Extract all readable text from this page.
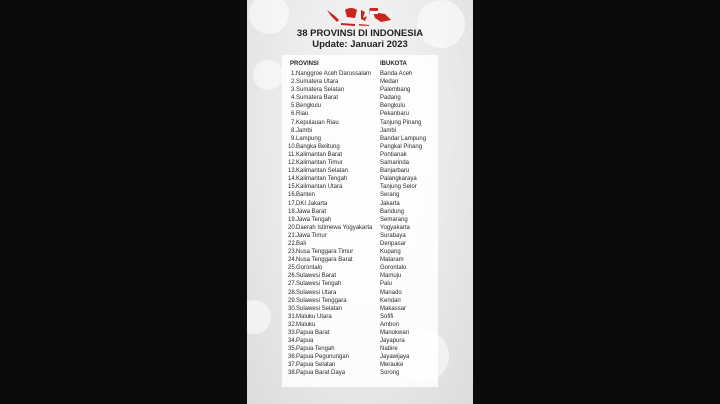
38 PROVINSI DI INDONESIA
Update: Januari 2023
PROVINSI	IBUKOTA
1. Nanggroe Aceh Darussalam	Banda Aceh
2. Sumatera Utara	Medan
3. Sumatera Selatan	Palembang
4. Sumatera Barat	Padang
5. Bengkulu	Bengkulu
6. Riau	Pekanbaru
7. Kepulauan Riau	Tanjung Pinang
8. Jambi	Jambi
9. Lampung	Bandar Lampung
10. Bangka Belitung	Pangkal Pinang
11. Kalimantan Barat	Pontianak
12. Kalimantan Timur	Samarinda
13. Kalimantan Selatan	Banjarbaru
14. Kalimantan Tengah	Palangkaraya
15. Kalimantan Utara	Tanjung Selor
16. Banten	Serang
17. DKI Jakarta	Jakarta
18. Jawa Barat	Bandung
19. Jawa Tengah	Semarang
20. Daerah Istimewa Yogyakarta	Yogyakarta
21. Jawa Timur	Surabaya
22. Bali	Denpasar
23. Nusa Tenggara Timur	Kupang
24. Nusa Tenggara Barat	Mataram
25. Gorontalo	Gorontalo
26. Sulawesi Barat	Mamuju
27. Sulawesi Tengah	Palu
28. Sulawesi Utara	Manado
29. Sulawesi Tenggara	Kendari
30. Sulawesi Selatan	Makassar
31. Maluku Utara	Sofifi
32. Maluku	Ambon
33. Papua Barat	Manokwari
34. Papua	Jayapura
35. Papua Tengah	Nabire
36. Papua Pegunungan	Jayawijaya
37. Papua Selatan	Merauke
38. Papua Barat Daya	Sorong
